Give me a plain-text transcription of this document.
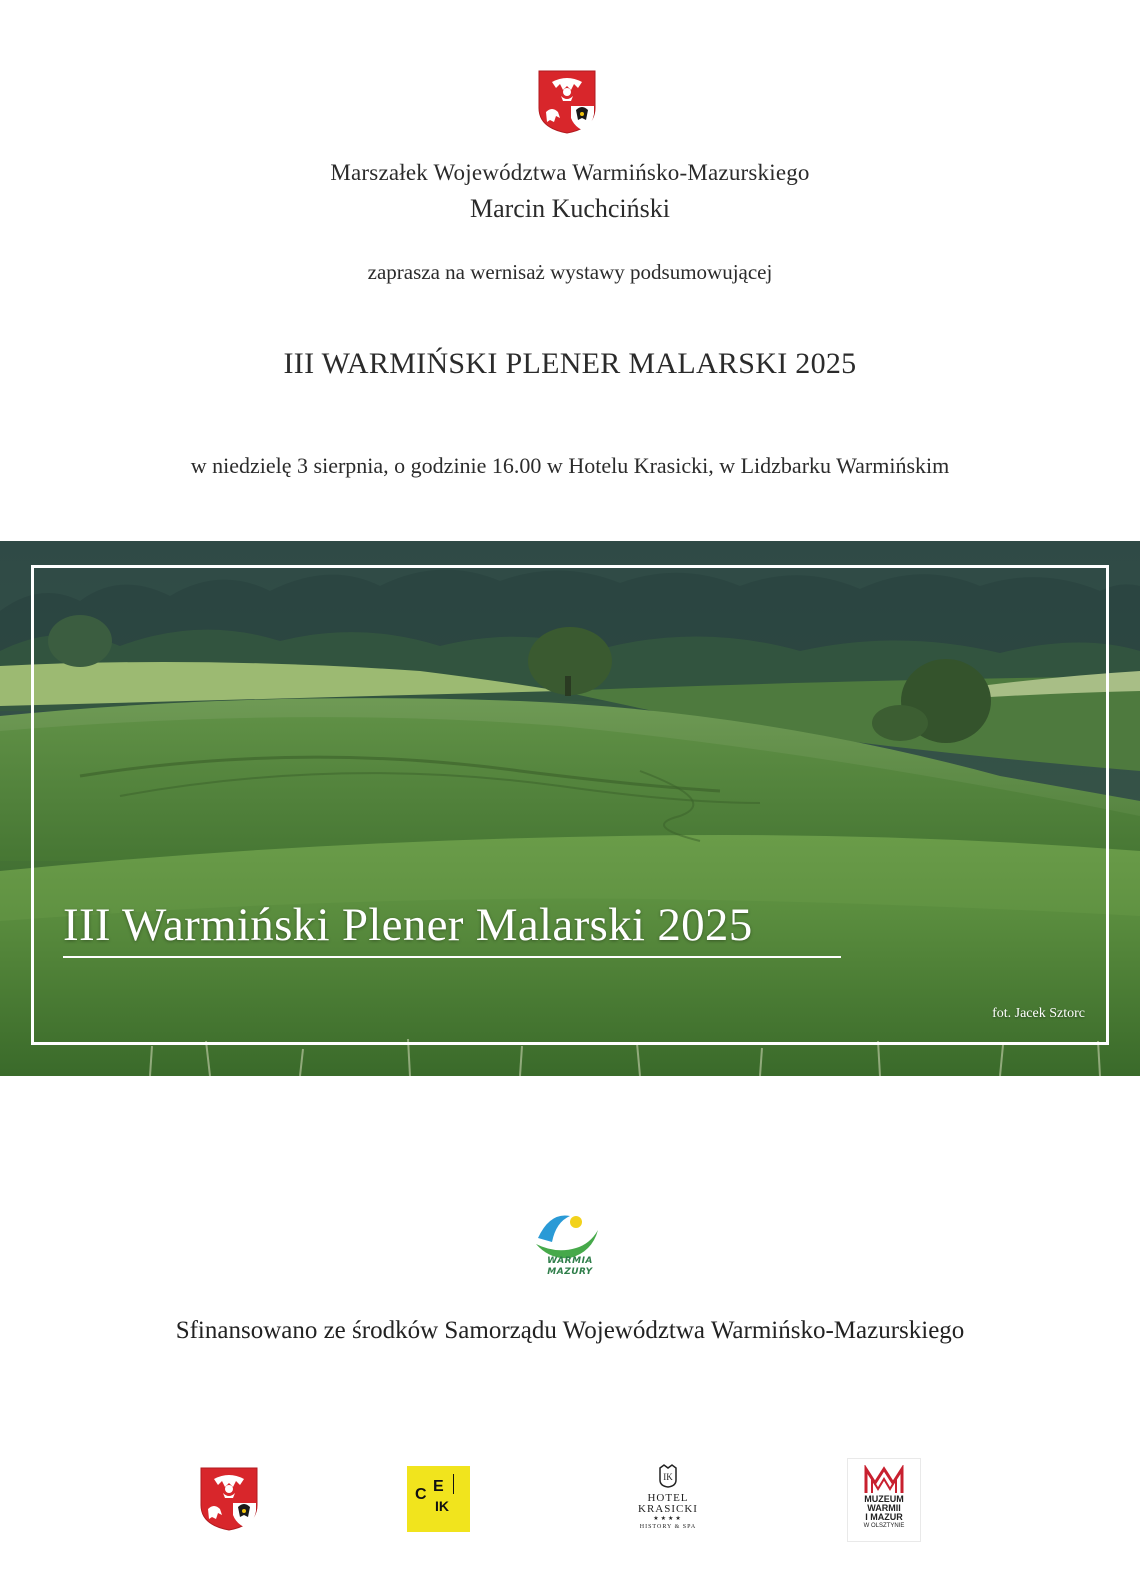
Marszałek Województwa Warmińsko-Mazurskiego
Marcin Kuchciński
zaprasza na wernisaż wystawy podsumowującej
III WARMIŃSKI PLENER MALARSKI 2025
w niedzielę 3 sierpnia, o godzinie 16.00 w Hotelu Krasicki, w Lidzbarku Warmińskim
III Warmiński Plener Malarski 2025
fot. Jacek Sztorc
WARMIA
MAZURY
Sfinansowano ze środków Samorządu Województwa Warmińsko-Mazurskiego
C E
IK
IK
HOTEL
KRASICKI
★★★★
HISTORY & SPA
MUZEUM
WARMII
I MAZUR
W OLSZTYNIE
